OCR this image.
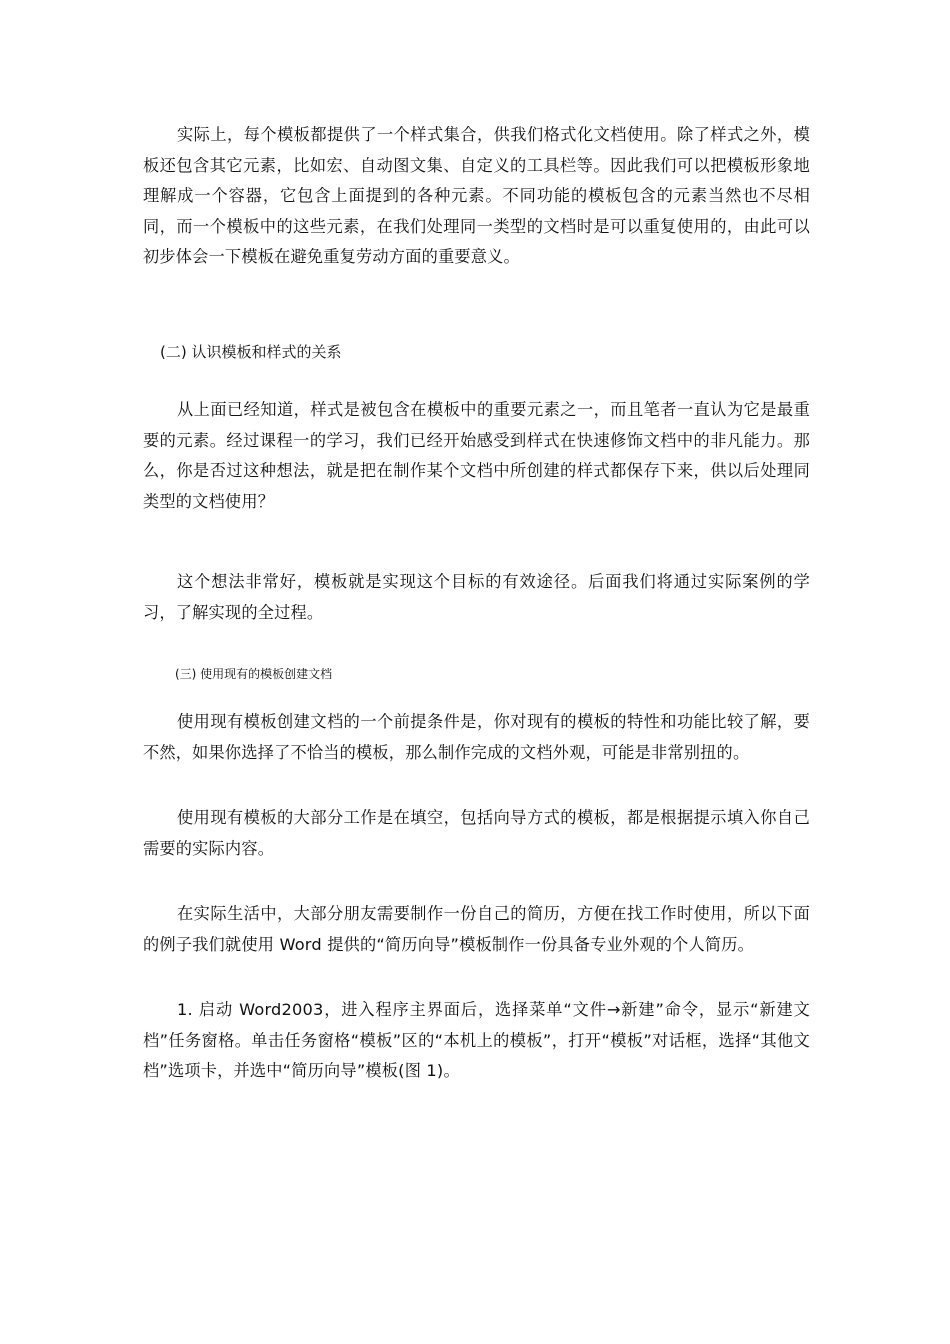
实际上，每个模板都提供了一个样式集合，供我们格式化文档使用。除了样式之外，模板还包含其它元素，比如宏、自动图文集、自定义的工具栏等。因此我们可以把模板形象地理解成一个容器，它包含上面提到的各种元素。不同功能的模板包含的元素当然也不尽相同，而一个模板中的这些元素，在我们处理同一类型的文档时是可以重复使用的，由此可以初步体会一下模板在避免重复劳动方面的重要意义。

(二) 认识模板和样式的关系

从上面已经知道，样式是被包含在模板中的重要元素之一，而且笔者一直认为它是最重要的元素。经过课程一的学习，我们已经开始感受到样式在快速修饰文档中的非凡能力。那么，你是否过这种想法，就是把在制作某个文档中所创建的样式都保存下来，供以后处理同类型的文档使用？

这个想法非常好，模板就是实现这个目标的有效途径。后面我们将通过实际案例的学习，了解实现的全过程。

(三) 使用现有的模板创建文档

使用现有模板创建文档的一个前提条件是，你对现有的模板的特性和功能比较了解，要不然，如果你选择了不恰当的模板，那么制作完成的文档外观，可能是非常别扭的。

使用现有模板的大部分工作是在填空，包括向导方式的模板，都是根据提示填入你自己需要的实际内容。

在实际生活中，大部分朋友需要制作一份自己的简历，方便在找工作时使用，所以下面的例子我们就使用 Word 提供的“简历向导”模板制作一份具备专业外观的个人简历。

1. 启动 Word2003，进入程序主界面后，选择菜单“文件→新建”命令，显示“新建文档”任务窗格。单击任务窗格“模板”区的“本机上的模板”，打开“模板”对话框，选择“其他文档”选项卡，并选中“简历向导”模板(图 1)。
